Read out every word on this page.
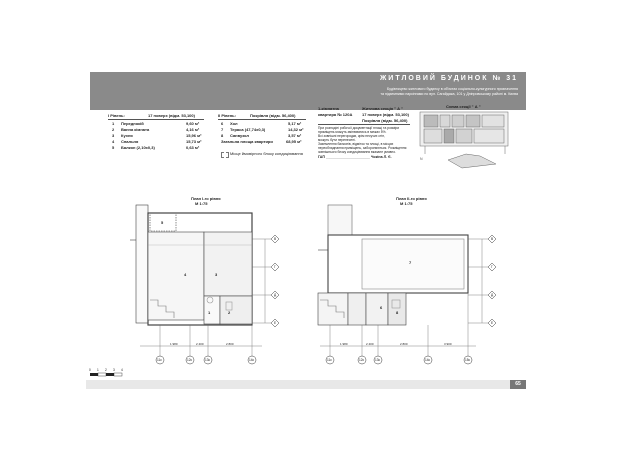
ЖИТЛОВИЙ БУДИНОК № 31
Будівництво житлового будинку в об'єктах соціально-культурного призначення
та підземними паркінгами по вул. Сагайдака, 101 у Дніпровському районі м. Києва
І Рівень:	17 поверх (відм. 53,100)
1 Передпокій	9,60 м²
2 Ванна кімната	4,16 м²
3 Кухня	15,96 м²
4 Спальня	15,73 м²
5 Балкон (2,10х0,3)	0,63 м²
ІІ Рівень:	Покрівля (відм. 56,400)
6 Хол	5,17 м²
7 Тераса (47,74х0,3)	14,32 м²
8 Санвузол	3,57 м²
Загальна площа квартири	68,95 м²
Місце ймовірного блоку кондиціювання
1-кімнатна	Житлова секція " А "
квартира № 120А 17 поверх (відм. 53,100)
Покрівля (відм. 56,400)
При розподілі робочої документації площі та розміри
приміщень можуть змінюватись в межах 5%.
Всі зовнішні перегородки, крім несучих стін,
можуть бути перенесені.
Заземлення балконів, відміток та площі, в місцях
переобладнання приміщень, забороняються. Розміщення
зовнішнього блоку кондиціювання вказане умовно.
ГАП ______________________ Чокіна Л. Є.
Схема секції " А "
N
План І-го рівня
М 1:75
План ІІ-го рівня
М 1:75
1	2
3
4
5
6
7
8
11с	12с	13с	14с
В
Г
Д
Е
1 980	2 400	2 800
11с	12с	13с	14с	15с
В
Г
Д
Е
1 980	2 400	2 800	3 900
0 1 2 3 4
65
